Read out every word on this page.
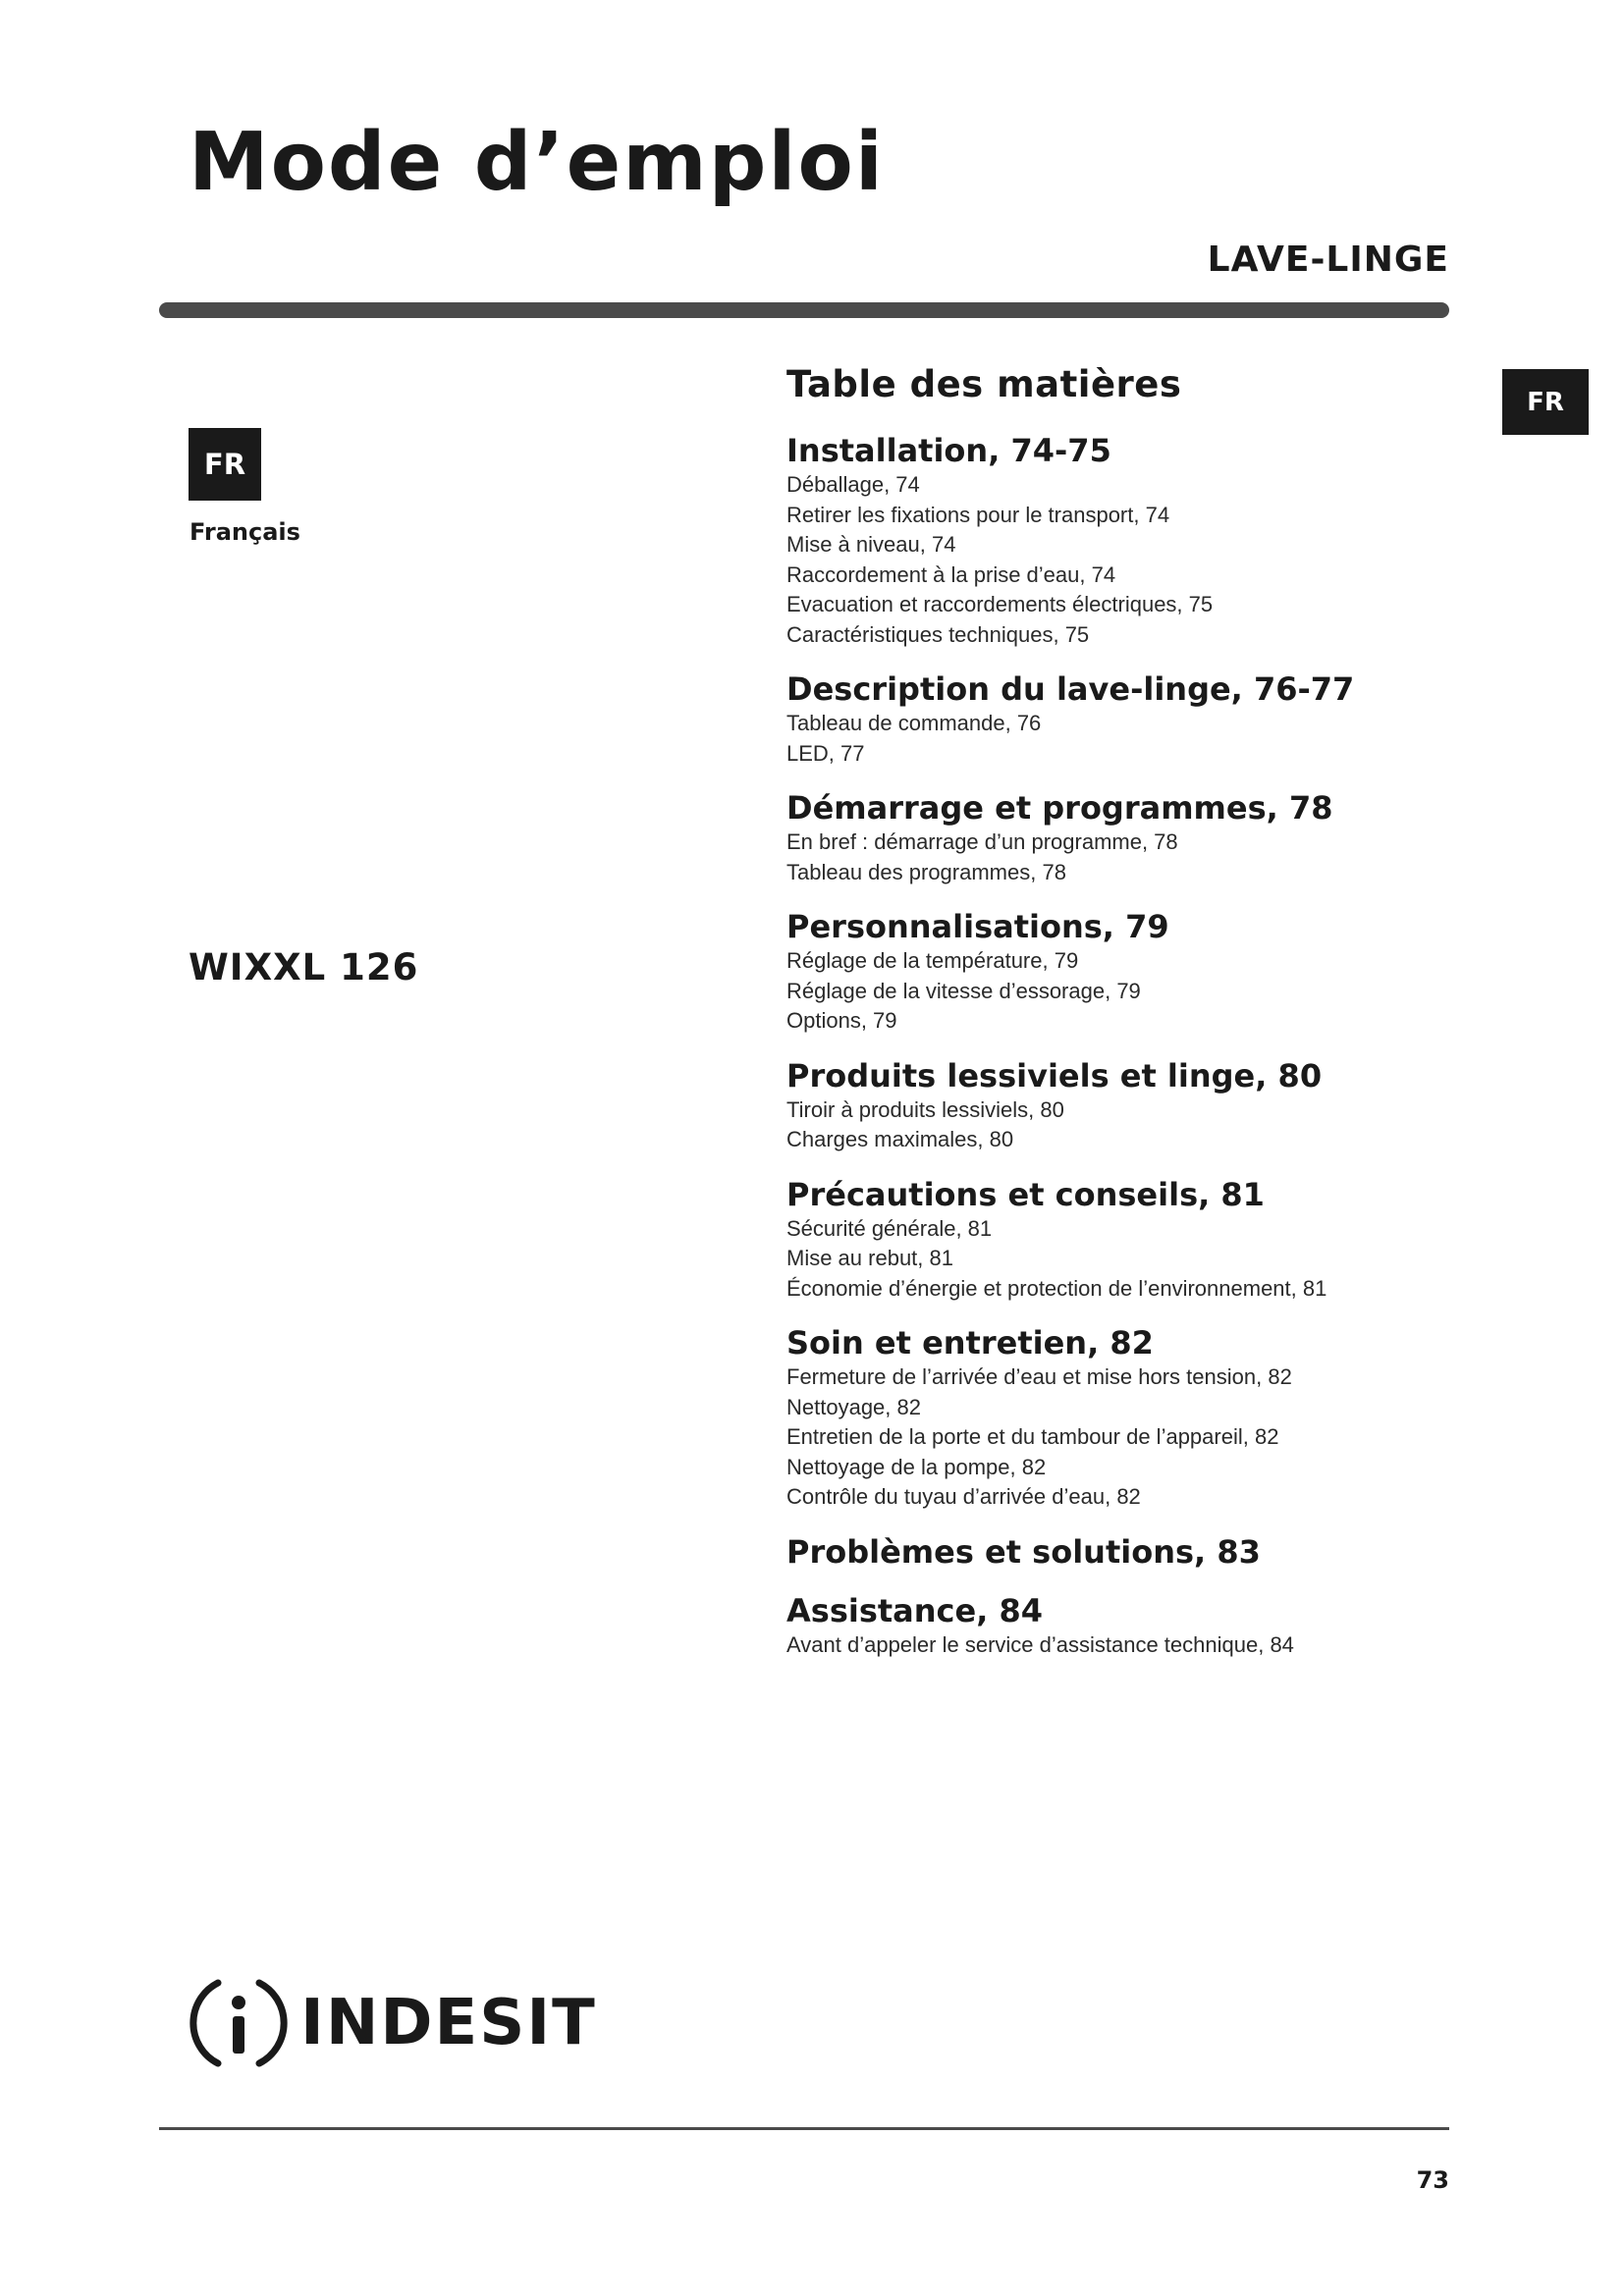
Mode d’emploi
LAVE-LINGE
FR
Français
FR
WIXXL 126
Table des matières
Installation, 74-75
Déballage, 74
Retirer les fixations pour le transport, 74
Mise à niveau, 74
Raccordement à la prise d’eau, 74
Evacuation et raccordements électriques, 75
Caractéristiques techniques, 75
Description du lave-linge, 76-77
Tableau de commande, 76
LED, 77
Démarrage et programmes, 78
En bref : démarrage d’un programme, 78
Tableau des programmes, 78
Personnalisations, 79
Réglage de la température, 79
Réglage de la vitesse d’essorage, 79
Options, 79
Produits lessiviels et linge, 80
Tiroir à produits lessiviels, 80
Charges maximales, 80
Précautions et conseils, 81
Sécurité générale, 81
Mise au rebut, 81
Économie d’énergie et protection de l’environnement, 81
Soin et entretien, 82
Fermeture de l’arrivée d’eau et mise hors tension, 82
Nettoyage, 82
Entretien de la porte et du tambour de l’appareil, 82
Nettoyage de la pompe, 82
Contrôle du tuyau d’arrivée d’eau, 82
Problèmes et solutions, 83
Assistance, 84
Avant d’appeler le service d’assistance technique, 84
INDESIT
73
